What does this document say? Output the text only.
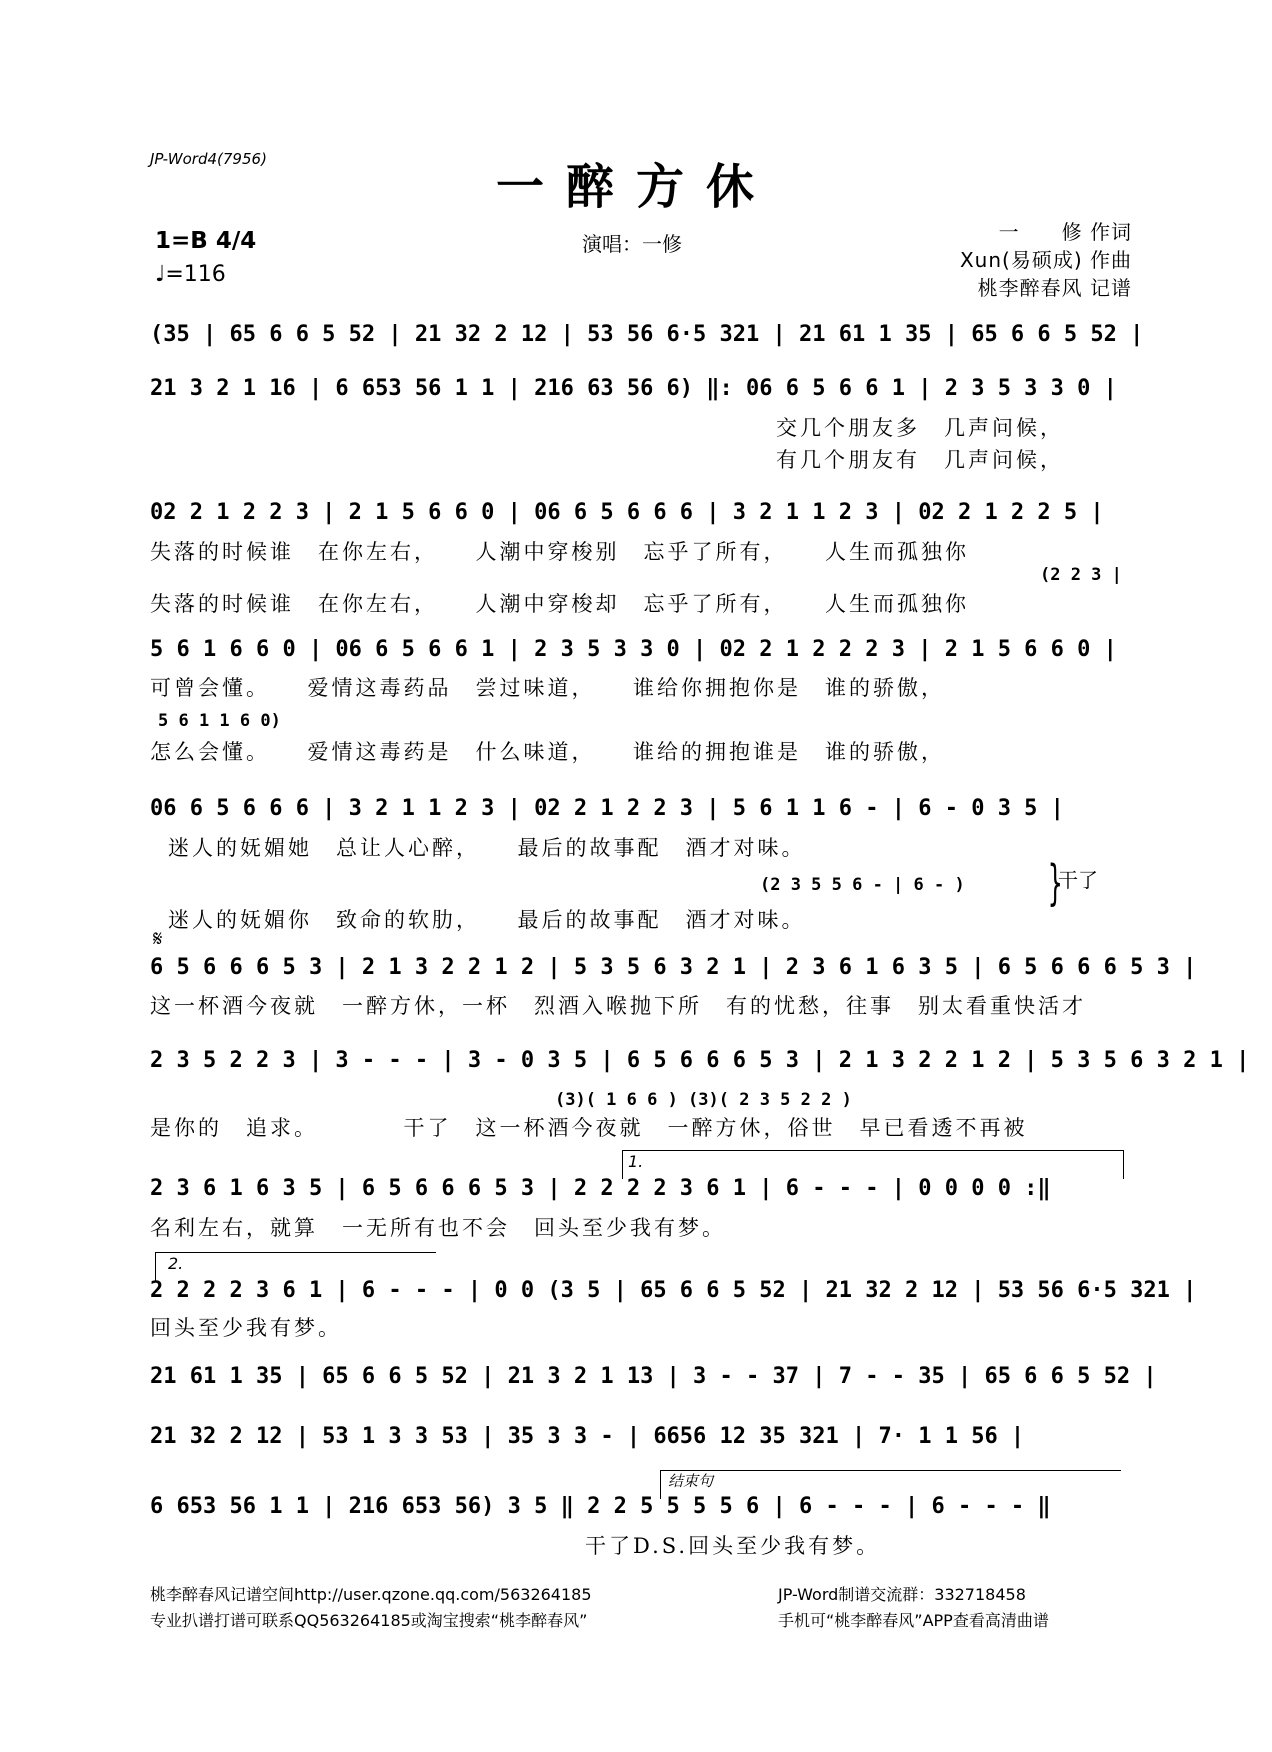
JP-Word4(7956)	一醉方休
1=B 4/4
♩=116
演唱：一修	一　　修 作词
Xun(易硕成) 作曲
桃李醉春风 记谱
(35 | 65 6 6 5 52 | 21 32 2 12 | 53 56 6·5 321 | 21 61 1 35 | 65 6 6 5 52 |
21 3 2 1 16 | 6 653 56 1 1 | 216 63 56 6) ‖: 06 6 5 6 6 1 | 2 3 5 3 3 0 |
交几个朋友多　几声问候，
有几个朋友有　几声问候，
02 2 1 2 2 3 | 2 1 5 6 6 0 | 06 6 5 6 6 6 | 3 2 1 1 2 3 | 02 2 1 2 2 5 |
失落的时候谁　在你左右，　　人潮中穿梭别　忘乎了所有，　　人生而孤独你
(2 2 3 |
失落的时候谁　在你左右，　　人潮中穿梭却　忘乎了所有，　　人生而孤独你
5 6 1 6 6 0 | 06 6 5 6 6 1 | 2 3 5 3 3 0 | 02 2 1 2 2 2 3 | 2 1 5 6 6 0 |
可曾会懂。　　爱情这毒药品　尝过味道，　　谁给你拥抱你是　谁的骄傲，
5 6 1 1 6 0)
怎么会懂。　　爱情这毒药是　什么味道，　　谁给的拥抱谁是　谁的骄傲，
06 6 5 6 6 6 | 3 2 1 1 2 3 | 02 2 1 2 2 3 | 5 6 1 1 6 - | 6 - 0 3 5 |
迷人的妩媚她　总让人心醉，　　最后的故事配　酒才对味。
(2 3 5 5 6 - | 6 - ) }
干了
迷人的妩媚你　致命的软肋，　　最后的故事配　酒才对味。
𝄋
6 5 6 6 6 5 3 | 2 1 3 2 2 1 2 | 5 3 5 6 3 2 1 | 2 3 6 1 6 3 5 | 6 5 6 6 6 5 3 |
这一杯酒今夜就　一醉方休，一杯　烈酒入喉抛下所　有的忧愁，往事　别太看重快活才
2 3 5 2 2 3 | 3 - - - | 3 - 0 3 5 | 6 5 6 6 6 5 3 | 2 1 3 2 2 1 2 | 5 3 5 6 3 2 1 |
(3)( 1 6 6 ) (3)( 2 3 5 2 2 )
是你的　追求。　　　　干了　这一杯酒今夜就　一醉方休，俗世　早已看透不再被
1.
2 3 6 1 6 3 5 | 6 5 6 6 6 5 3 | 2 2 2 2 3 6 1 | 6 - - - | 0 0 0 0 :‖
名利左右，就算　一无所有也不会　回头至少我有梦。
2.
2 2 2 2 3 6 1 | 6 - - - | 0 0 (3 5 | 65 6 6 5 52 | 21 32 2 12 | 53 56 6·5 321 |
回头至少我有梦。
21 61 1 35 | 65 6 6 5 52 | 21 3 2 1 13 | 3 - - 37 | 7 - - 35 | 65 6 6 5 52 |
21 32 2 12 | 53 1 3 3 53 | 35 3 3 - | 6656 12 35 321 | 7· 1 1 56 |
结束句
6 653 56 1 1 | 216 653 56) 3 5 ‖ 2 2 5 5 5 5 6 | 6 - - - | 6 - - - ‖
干了D.S.回头至少我有梦。
桃李醉春风记谱空间http://user.qzone.qq.com/563264185
专业扒谱打谱可联系QQ563264185或淘宝搜索“桃李醉春风”
JP-Word制谱交流群：332718458
手机可“桃李醉春风”APP查看高清曲谱
